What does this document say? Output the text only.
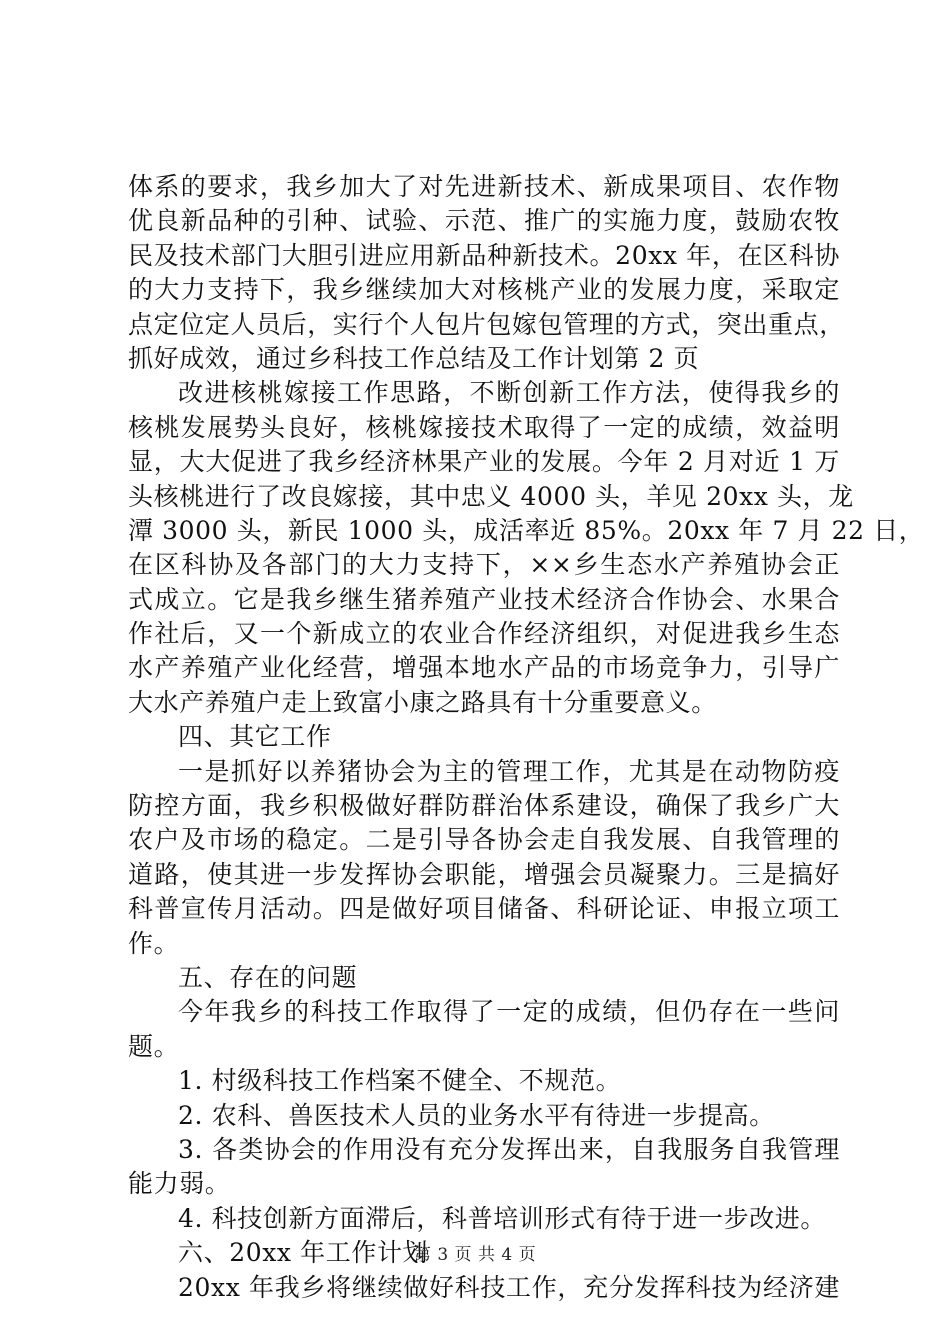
体系的要求，我乡加大了对先进新技术、新成果项目、农作物
优良新品种的引种、试验、示范、推广的实施力度，鼓励农牧
民及技术部门大胆引进应用新品种新技术。20xx 年，在区科协
的大力支持下，我乡继续加大对核桃产业的发展力度，采取定
点定位定人员后，实行个人包片包嫁包管理的方式，突出重点，
抓好成效，通过乡科技工作总结及工作计划第 2 页
改进核桃嫁接工作思路，不断创新工作方法，使得我乡的
核桃发展势头良好，核桃嫁接技术取得了一定的成绩，效益明
显，大大促进了我乡经济林果产业的发展。今年 2 月对近 1 万
头核桃进行了改良嫁接，其中忠义 4000 头，羊见 20xx 头，龙
潭 3000 头，新民 1000 头，成活率近 85%。20xx 年 7 月 22 日，
在区科协及各部门的大力支持下，××乡生态水产养殖协会正
式成立。它是我乡继生猪养殖产业技术经济合作协会、水果合
作社后，又一个新成立的农业合作经济组织，对促进我乡生态
水产养殖产业化经营，增强本地水产品的市场竞争力，引导广
大水产养殖户走上致富小康之路具有十分重要意义。
四、其它工作
一是抓好以养猪协会为主的管理工作，尤其是在动物防疫
防控方面，我乡积极做好群防群治体系建设，确保了我乡广大
农户及市场的稳定。二是引导各协会走自我发展、自我管理的
道路，使其进一步发挥协会职能，增强会员凝聚力。三是搞好
科普宣传月活动。四是做好项目储备、科研论证、申报立项工
作。
五、存在的问题
今年我乡的科技工作取得了一定的成绩，但仍存在一些问
题。
1. 村级科技工作档案不健全、不规范。
2. 农科、兽医技术人员的业务水平有待进一步提高。
3. 各类协会的作用没有充分发挥出来，自我服务自我管理
能力弱。
4. 科技创新方面滞后，科普培训形式有待于进一步改进。
六、20xx 年工作计划
20xx 年我乡将继续做好科技工作，充分发挥科技为经济建
第 3 页 共 4 页
